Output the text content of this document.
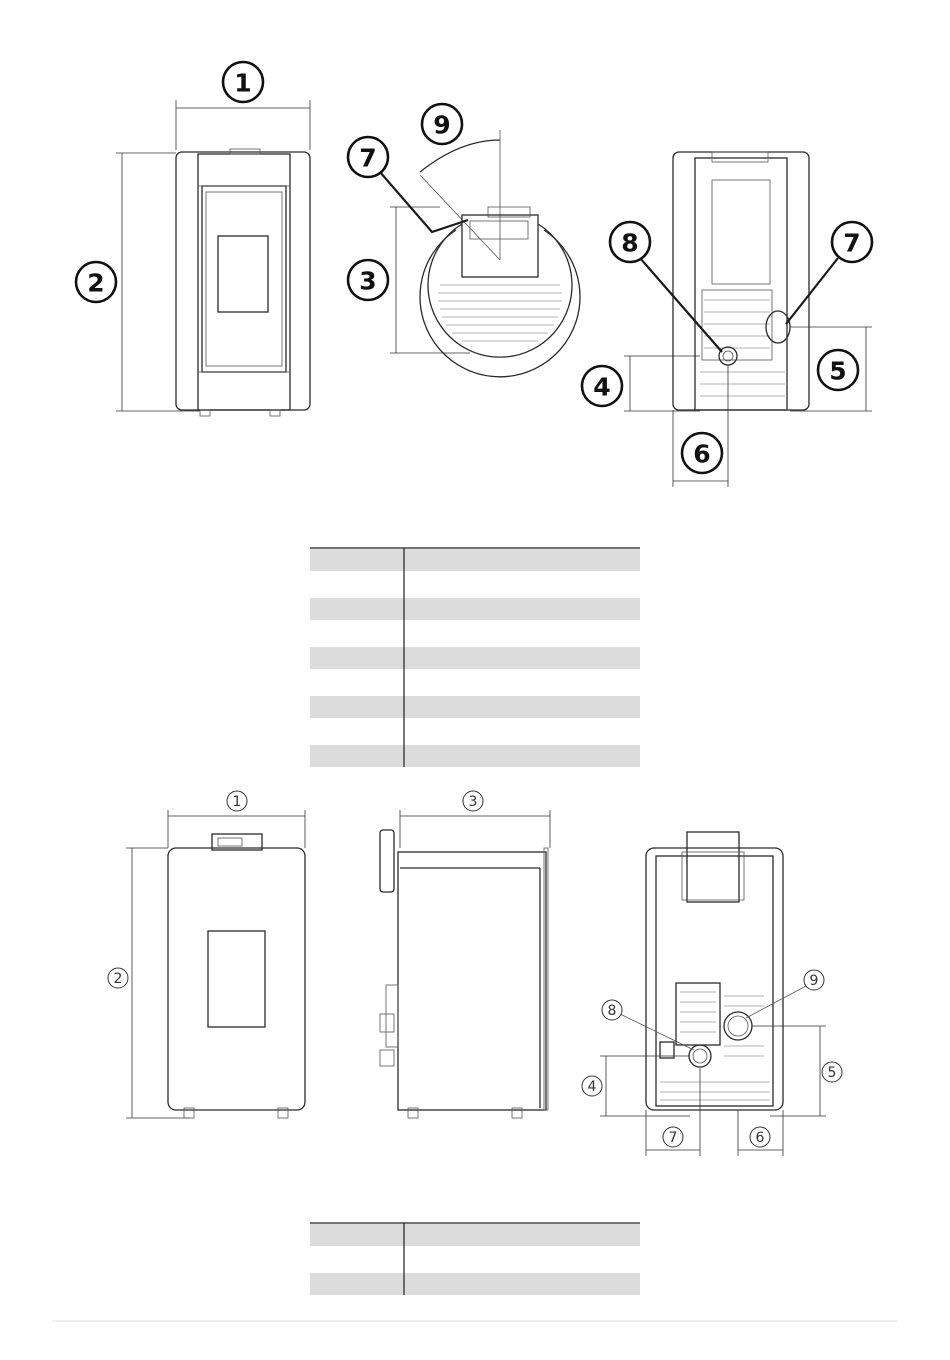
1
2
9
7
3
8	7
5
4
6
1
2
3
9
8
5
4
7	6
